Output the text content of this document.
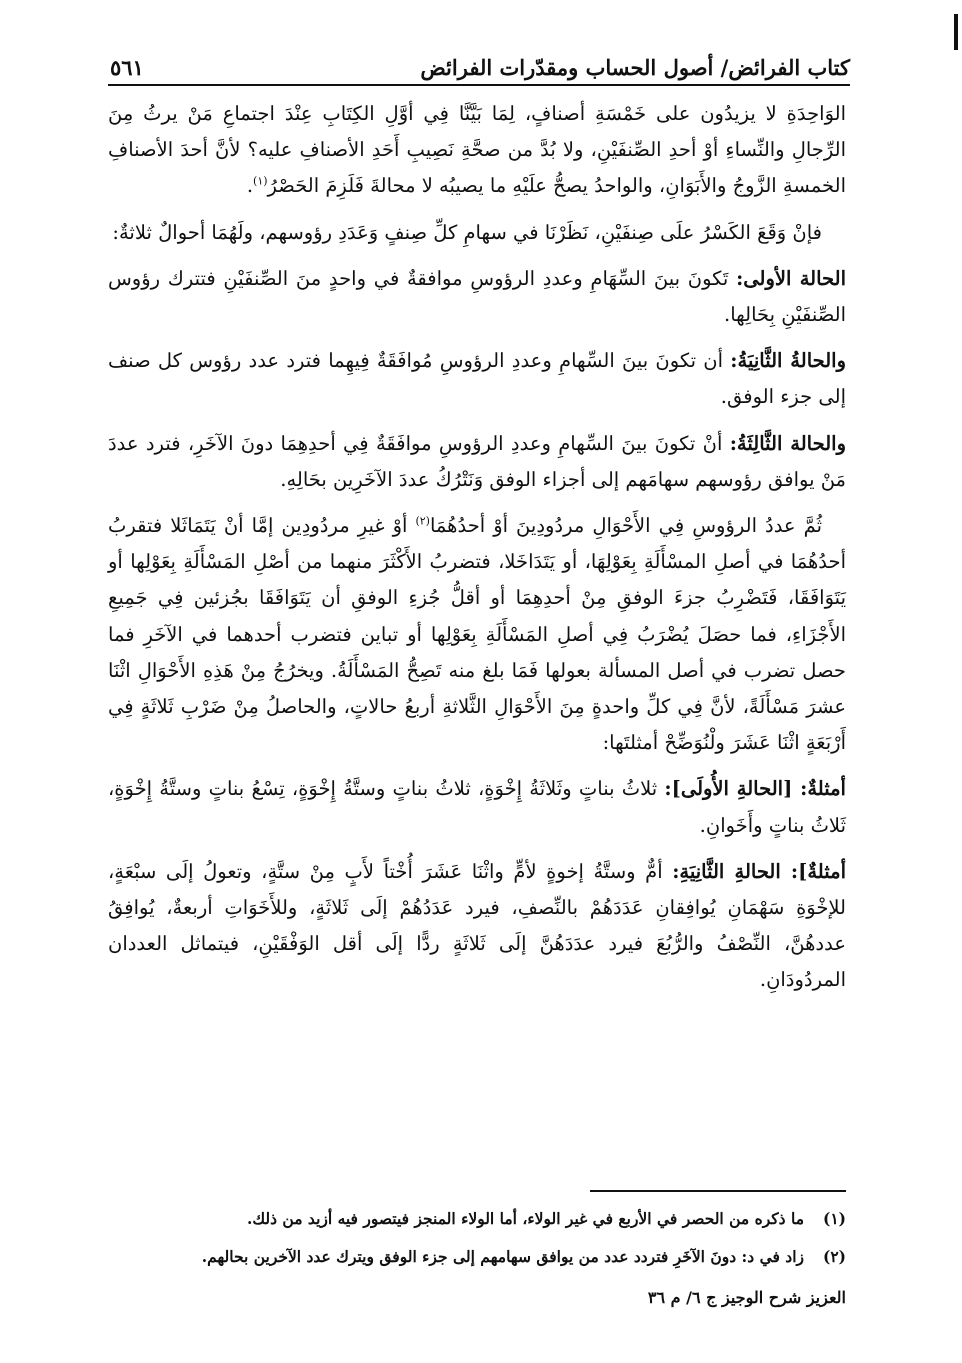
كتاب الفرائض/ أصول الحساب ومقدّرات الفرائض
٥٦١

الوَاحِدَةِ لا يزيدُون على خَمْسَةِ أصنافٍ، لِمَا بَيَّنَّا فِي أوَّلِ الكِتَابِ عِنْدَ اجتماعِ مَنْ يرثُ مِنَ الرِّجالِ والنِّساءِ أوْ أحدِ الصِّنفَيْنِ، ولا بُدَّ من صحَّةِ نَصِيبِ أَحَدِ الأصنافِ عليه؟ لأنَّ أحدَ الأصنافِ الخمسةِ الزَّوجُ والأَبَوَانِ، والواحدُ يصحُّ علَيْهِ ما يصيبُه لا محالةَ فَلَزِمَ الحَصْرُ$^{(١)}$.

فإنْ وَقَعَ الكَسْرُ علَى صِنفَيْنِ، نَظَرْنَا في سهامِ كلِّ صِنفٍ وَعَدَدِ رؤوسهم، ولَهُمَا أحوالٌ ثلاثةٌ:

الحالة الأولى: تَكونَ بينَ السِّهَامِ وعددِ الرؤوسِ موافقةٌ في واحدٍ منَ الصِّنفَيْنِ فتترك رؤوس الصِّنفَيْنِ بِحَالِها.

والحالةُ الثَّانِيَةُ: أن تكونَ بينَ السِّهامِ وعددِ الرؤوسِ مُوافَقَةٌ فِيهِما فترد عدد رؤوس كل صنف إلى جزء الوفق.

والحالة الثَّالِثَةُ: أنْ تكونَ بينَ السِّهامِ وعددِ الرؤوسِ موافَقَةٌ فِي أحدِهِمَا دونَ الآخَرِ، فترد عددَ مَنْ يوافق رؤوسهم سهامَهم إلى أجزاء الوفق وَنَتْرُكُ عددَ الآخَرِين بحَالِهِ.

ثُمَّ عددُ الرؤوسِ فِي الأَحْوَالِ مردُودِينَ أوْ أحدُهُمَا$^{(٢)}$ أوْ غيرِ مردُودِين إمَّا أنْ يَتَمَاثَلا فتقربُ أحدُهُمَا في أصلِ المسْأَلَةِ بِعَوْلِهَا، أو يَتَدَاخَلا، فتضربُ الأَكْثَرَ منهما من أصْلِ المَسْأَلَةِ بِعَوْلِها أو يَتَوَافَقَا، فَتَضْرِبُ جزءَ الوفقِ مِنْ أحدِهِمَا أو أقلُّ جُزءِ الوفقِ أن يَتَوَافَقَا بجُزئين فِي جَمِيعِ الأَجْزَاءِ، فما حصَلَ يُضْرَبُ فِي أصلِ المَسْأَلَةِ بِعَوْلِها أو تباين فتضرب أحدهما في الآخَرِ فما حصل تضرب في أصل المسألة بعولها فَمَا بلغ منه تَصِحُّ المَسْأَلَةُ. ويخرُجُ مِنْ هَذِهِ الأَحْوَالِ اثْنَا عشرَ مَسْأَلَةً، لأنَّ فِي كلِّ واحدةٍ مِنَ الأَحْوَالِ الثَّلاثةِ أربعُ حالاتٍ، والحاصلُ مِنْ ضَرْبِ ثَلاثَةٍ فِي أَرْبَعَةٍ اثْنَا عَشَرَ ولْنُوَضِّحْ أمثلتَها:

أمثلةٌ: [الحالةِ الأُولَى]: ثلاثُ بناتٍ وثَلاثَةُ إِخْوَةٍ، ثلاثُ بناتٍ وستَّةُ إِخْوَةٍ، تِسْعُ بناتٍ وستَّةُ إِخْوَةٍ، ثَلاثُ بناتٍ وأَخَوانِ.

أمثلةٌ]: الحالةِ الثَّانِيَةِ: أمٌّ وستَّةُ إخوةٍ لأمٍّ واثْنَا عَشَرَ أُخْتاً لأَبٍ مِنْ ستَّةٍ، وتعولُ إلَى سبْعَةٍ، للإخْوَةِ سَهْمَانِ يُوافِقانِ عَدَدَهُمْ بالنِّصفِ، فيرد عَدَدُهُمْ إلَى ثَلاثَةٍ، وللأَخَوَاتِ أربعةٌ، يُوافِقُ عددهُنَّ، النِّصْفُ والرُّبُعَ فيرد عدَدَهُنَّ إلَى ثَلاثَةٍ ردًّا إلَى أقل الوَفْقَيْنِ، فيتماثل العددان المردُودَانِ.

(١)
ما ذكره من الحصر في الأربع في غير الولاء، أما الولاء المنجز فيتصور فيه أزيد من ذلك.
(٢)
زاد في د: دونَ الآخَرِ فتردد عدد من يوافق سهامهم إلى جزء الوفق ويترك عدد الآخرين بحالهم.
العزيز شرح الوجيز ج ٦/ م ٣٦
